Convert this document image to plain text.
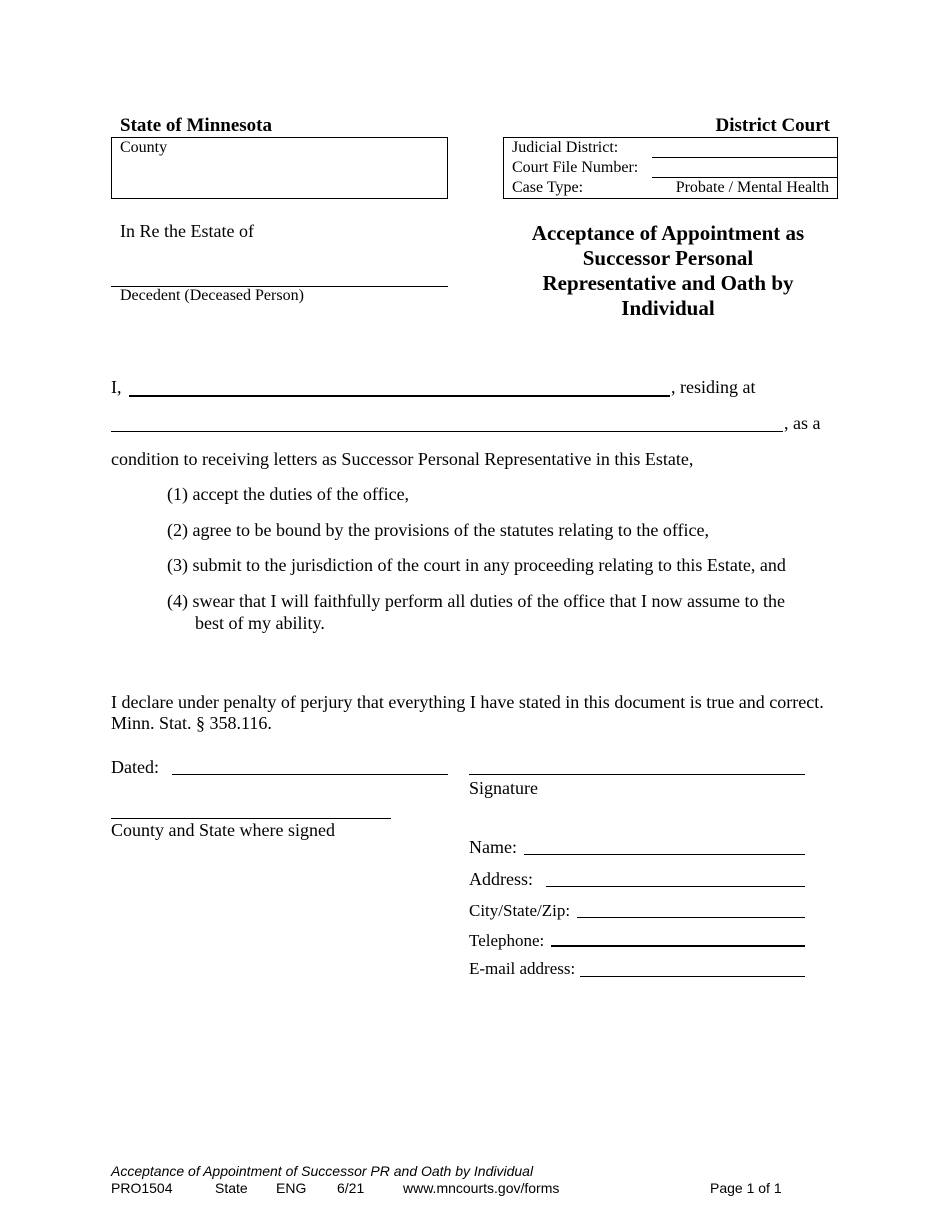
State of Minnesota	District Court
County	Judicial District:	
Court File Number:	
Case Type:	Probate / Mental Health
In Re the Estate of
Decedent (Deceased Person)
Acceptance of Appointment as
Successor Personal
Representative and Oath by
Individual
I,	, residing at
, as a
condition to receiving letters as Successor Personal Representative in this Estate,
(1) accept the duties of the office,
(2) agree to be bound by the provisions of the statutes relating to the office,
(3) submit to the jurisdiction of the court in any proceeding relating to this Estate, and
(4) swear that I will faithfully perform all duties of the office that I now assume to the
best of my ability.
I declare under penalty of perjury that everything I have stated in this document is true and correct.
Minn. Stat. § 358.116.
Dated:
County and State where signed
Signature
Name:
Address:
City/State/Zip:
Telephone:
E-mail address:
Acceptance of Appointment of Successor PR and Oath by Individual
PRO1504	State ENG 6/21	www.mncourts.gov/forms	Page 1 of 1
